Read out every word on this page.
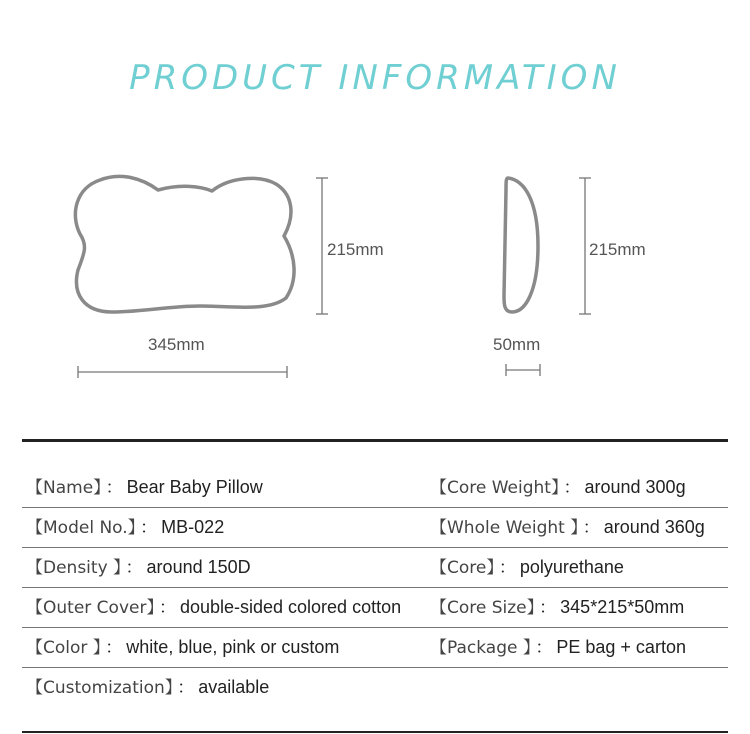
PRODUCT INFORMATION
215mm
345mm
215mm
50mm
【Name】 ： Bear Baby Pillow	【Core Weight】 ： around 300g
【Model No.】 ： MB-022	【Whole Weight 】 ： around 360g
【Density 】 ： around 150D	【Core】 ： polyurethane
【Outer Cover】 ： double-sided colored cotton 【Core Size】 ： 345*215*50mm
【Color 】 ： white, blue, pink or custom	【Package 】 ： PE bag + carton
【Customization】 ： available
